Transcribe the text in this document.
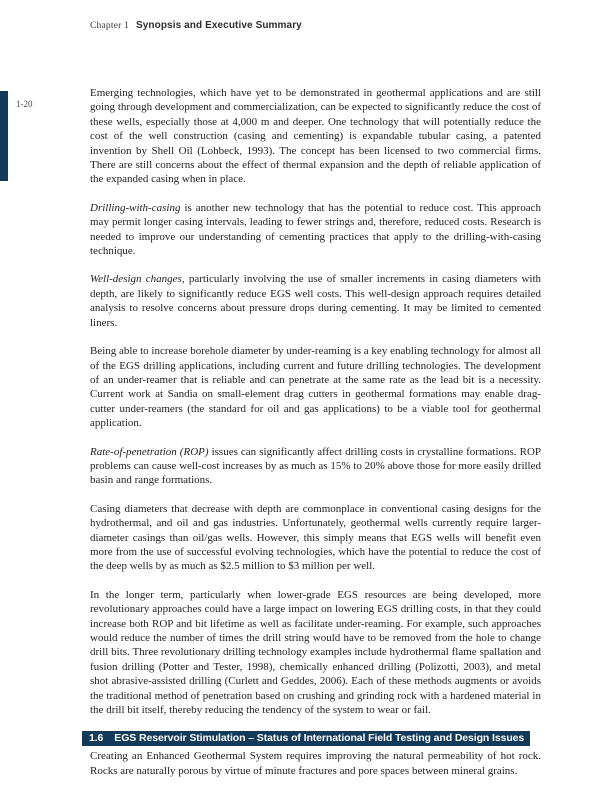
Chapter 1 Synopsis and Executive Summary
1-20

Emerging technologies, which have yet to be demonstrated in geothermal applications and are still going through development and commercialization, can be expected to significantly reduce the cost of these wells, especially those at 4,000 m and deeper. One technology that will potentially reduce the cost of the well construction (casing and cementing) is expandable tubular casing, a patented invention by Shell Oil (Lohbeck, 1993). The concept has been licensed to two commercial firms. There are still concerns about the effect of thermal expansion and the depth of reliable application of the expanded casing when in place.

Drilling-with-casing is another new technology that has the potential to reduce cost. This approach may permit longer casing intervals, leading to fewer strings and, therefore, reduced costs. Research is needed to improve our understanding of cementing practices that apply to the drilling-with-casing technique.

Well-design changes, particularly involving the use of smaller increments in casing diameters with depth, are likely to significantly reduce EGS well costs. This well-design approach requires detailed analysis to resolve concerns about pressure drops during cementing. It may be limited to cemented liners.

Being able to increase borehole diameter by under-reaming is a key enabling technology for almost all of the EGS drilling applications, including current and future drilling technologies. The development of an under-reamer that is reliable and can penetrate at the same rate as the lead bit is a necessity. Current work at Sandia on small-element drag cutters in geothermal formations may enable drag-cutter under-reamers (the standard for oil and gas applications) to be a viable tool for geothermal application.

Rate-of-penetration (ROP) issues can significantly affect drilling costs in crystalline formations. ROP problems can cause well-cost increases by as much as 15% to 20% above those for more easily drilled basin and range formations.

Casing diameters that decrease with depth are commonplace in conventional casing designs for the hydrothermal, and oil and gas industries. Unfortunately, geothermal wells currently require larger-diameter casings than oil/gas wells. However, this simply means that EGS wells will benefit even more from the use of successful evolving technologies, which have the potential to reduce the cost of the deep wells by as much as $2.5 million to $3 million per well.

In the longer term, particularly when lower-grade EGS resources are being developed, more revolutionary approaches could have a large impact on lowering EGS drilling costs, in that they could increase both ROP and bit lifetime as well as facilitate under-reaming. For example, such approaches would reduce the number of times the drill string would have to be removed from the hole to change drill bits. Three revolutionary drilling technology examples include hydrothermal flame spallation and fusion drilling (Potter and Tester, 1998), chemically enhanced drilling (Polizotti, 2003), and metal shot abrasive-assisted drilling (Curlett and Geddes, 2006). Each of these methods augments or avoids the traditional method of penetration based on crushing and grinding rock with a hardened material in the drill bit itself, thereby reducing the tendency of the system to wear or fail.

1.6 EGS Reservoir Stimulation – Status of International Field Testing and Design Issues

Creating an Enhanced Geothermal System requires improving the natural permeability of hot rock. Rocks are naturally porous by virtue of minute fractures and pore spaces between mineral grains.
